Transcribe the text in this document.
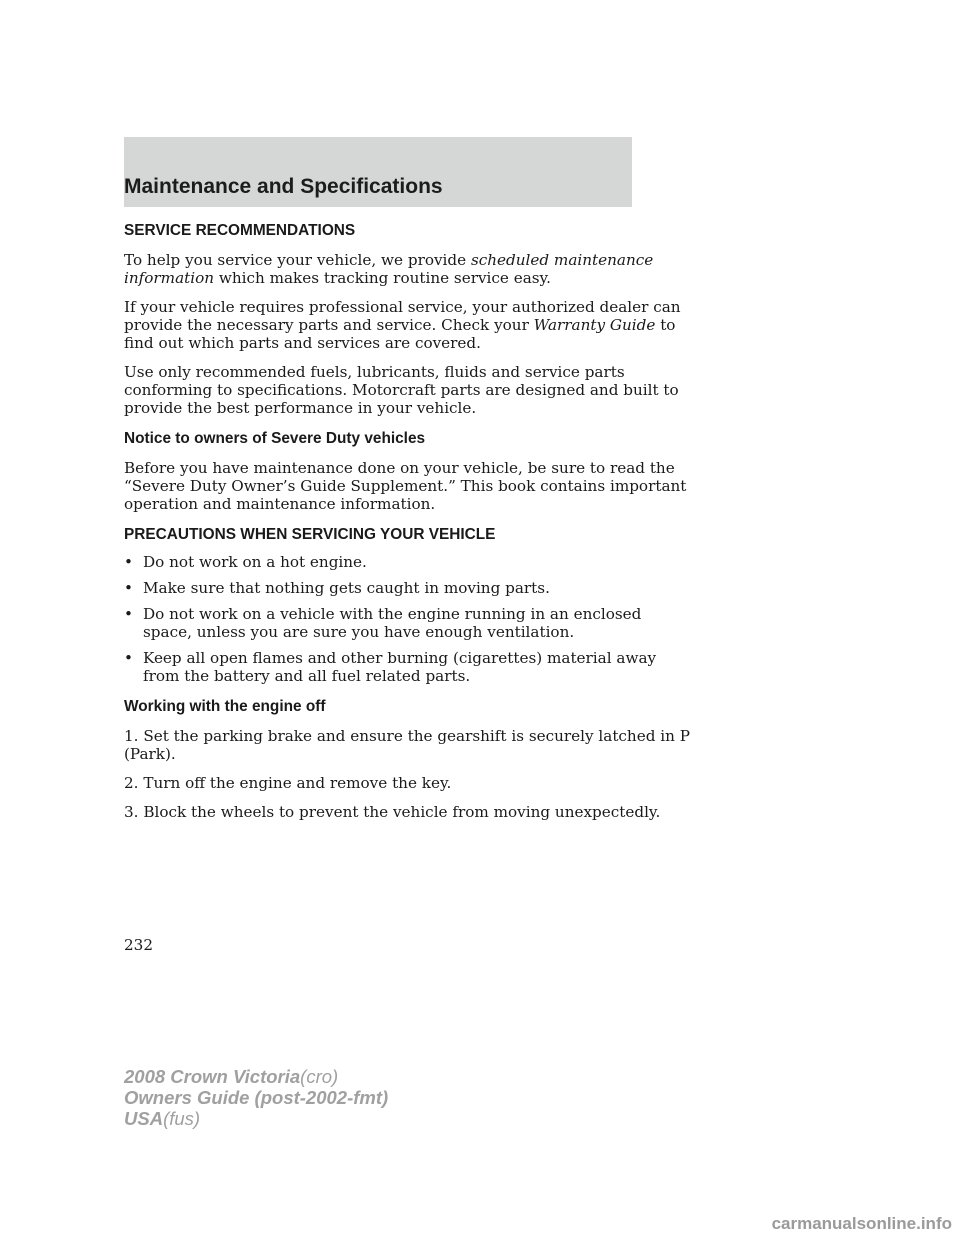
Maintenance and Specifications
SERVICE RECOMMENDATIONS

To help you service your vehicle, we provide scheduled maintenance
information which makes tracking routine service easy.

If your vehicle requires professional service, your authorized dealer can
provide the necessary parts and service. Check your Warranty Guide to
find out which parts and services are covered.

Use only recommended fuels, lubricants, fluids and service parts
conforming to specifications. Motorcraft parts are designed and built to
provide the best performance in your vehicle.

Notice to owners of Severe Duty vehicles

Before you have maintenance done on your vehicle, be sure to read the
“Severe Duty Owner’s Guide Supplement.” This book contains important
operation and maintenance information.

PRECAUTIONS WHEN SERVICING YOUR VEHICLE
• Do not work on a hot engine.
• Make sure that nothing gets caught in moving parts.
• Do not work on a vehicle with the engine running in an enclosed
space, unless you are sure you have enough ventilation.
• Keep all open flames and other burning (cigarettes) material away
from the battery and all fuel related parts.
Working with the engine off

1. Set the parking brake and ensure the gearshift is securely latched in P
(Park).

2. Turn off the engine and remove the key.

3. Block the wheels to prevent the vehicle from moving unexpectedly.

232
2008 Crown Victoria(cro)
Owners Guide (post-2002-fmt)
USA(fus)
carmanualsonline.info
